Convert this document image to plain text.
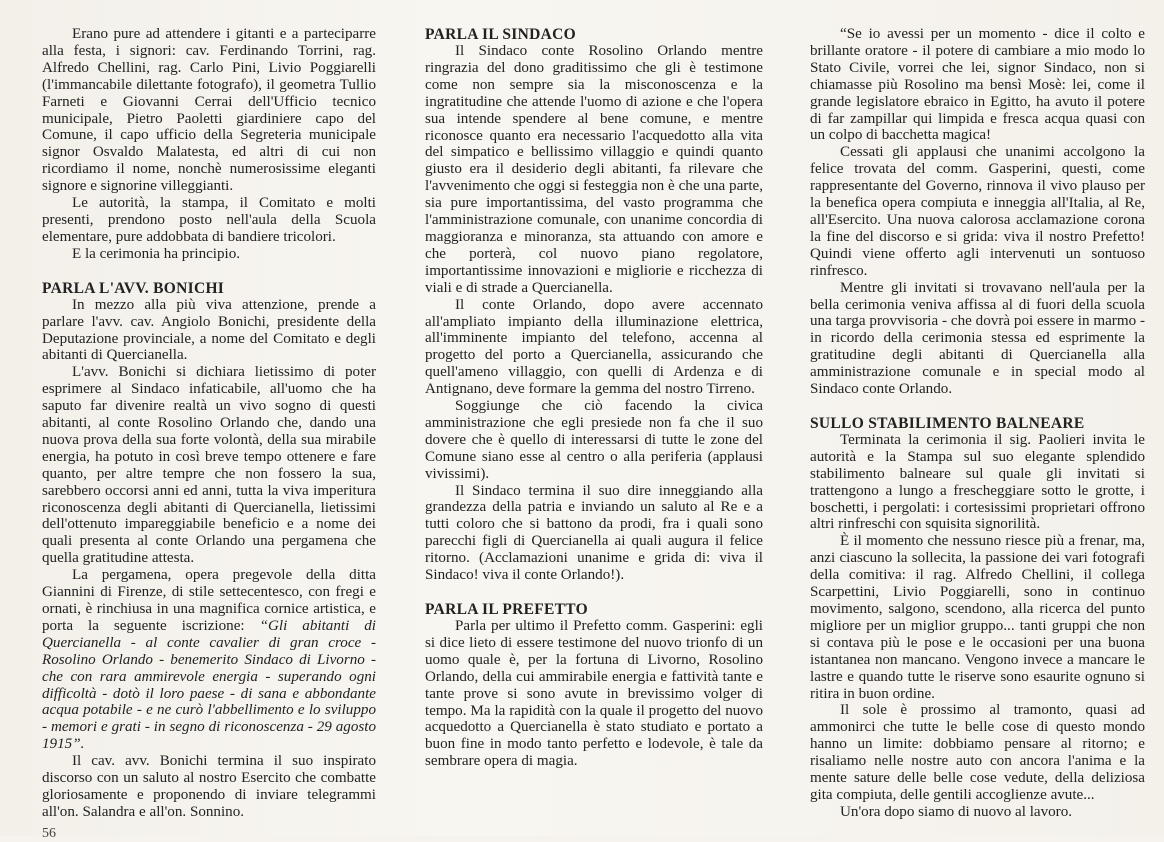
Erano pure ad attendere i gitanti e a parteciparre alla festa, i signori: cav. Ferdinando Torrini, rag. Alfredo Chellini, rag. Carlo Pini, Livio Poggiarelli (l'immancabile dilettante fotografo), il geometra Tullio Farneti e Giovanni Cerrai dell'Ufficio tecnico municipale, Pietro Paoletti giardiniere capo del Comune, il capo ufficio della Segreteria municipale signor Osvaldo Malatesta, ed altri di cui non ricordiamo il nome, nonchè numerosissime eleganti signore e signorine villeggianti.

Le autorità, la stampa, il Comitato e molti presenti, prendono posto nell'aula della Scuola elementare, pure addobbata di bandiere tricolori.

E la cerimonia ha principio.

PARLA L'AVV. BONICHI

In mezzo alla più viva attenzione, prende a parlare l'avv. cav. Angiolo Bonichi, presidente della Deputazione provinciale, a nome del Comitato e degli abitanti di Quercianella.

L'avv. Bonichi si dichiara lietissimo di poter esprimere al Sindaco infaticabile, all'uomo che ha saputo far divenire realtà un vivo sogno di questi abitanti, al conte Rosolino Orlando che, dando una nuova prova della sua forte volontà, della sua mirabile energia, ha potuto in così breve tempo ottenere e fare quanto, per altre tempre che non fossero la sua, sarebbero occorsi anni ed anni, tutta la viva imperitura riconoscenza degli abitanti di Quercianella, lietissimi dell'ottenuto impareggiabile beneficio e a nome dei quali presenta al conte Orlando una pergamena che quella gratitudine attesta.

La pergamena, opera pregevole della ditta Giannini di Firenze, di stile settecentesco, con fregi e ornati, è rinchiusa in una magnifica cornice artistica, e porta la seguente iscrizione: “Gli abitanti di Quercianella - al conte cavalier di gran croce - Rosolino Orlando - benemerito Sindaco di Livorno - che con rara ammirevole energia - superando ogni difficoltà - dotò il loro paese - di sana e abbondante acqua potabile - e ne curò l'abbellimento e lo sviluppo - memori e grati - in segno di riconoscenza - 29 agosto 1915”.

Il cav. avv. Bonichi termina il suo inspirato discorso con un saluto al nostro Esercito che combatte gloriosamente e proponendo di inviare telegrammi all'on. Salandra e all'on. Sonnino.

PARLA IL SINDACO

Il Sindaco conte Rosolino Orlando mentre ringrazia del dono graditissimo che gli è testimone come non sempre sia la misconoscenza e la ingratitudine che attende l'uomo di azione e che l'opera sua intende spendere al bene comune, e mentre riconosce quanto era necessario l'acquedotto alla vita del simpatico e bellissimo villaggio e quindi quanto giusto era il desiderio degli abitanti, fa rilevare che l'avvenimento che oggi si festeggia non è che una parte, sia pure importantissima, del vasto programma che l'amministrazione comunale, con unanime concordia di maggioranza e minoranza, sta attuando con amore e che porterà, col nuovo piano regolatore, importantissime innovazioni e migliorie e ricchezza di viali e di strade a Quercianella.

Il conte Orlando, dopo avere accennato all'ampliato impianto della illuminazione elettrica, all'imminente impianto del telefono, accenna al progetto del porto a Quercianella, assicurando che quell'ameno villaggio, con quelli di Ardenza e di Antignano, deve formare la gemma del nostro Tirreno.

Soggiunge che ciò facendo la civica amministrazione che egli presiede non fa che il suo dovere che è quello di interessarsi di tutte le zone del Comune siano esse al centro o alla periferia (applausi vivissimi).

Il Sindaco termina il suo dire inneggiando alla grandezza della patria e inviando un saluto al Re e a tutti coloro che si battono da prodi, fra i quali sono parecchi figli di Quercianella ai quali augura il felice ritorno. (Acclamazioni unanime e grida di: viva il Sindaco! viva il conte Orlando!).

PARLA IL PREFETTO

Parla per ultimo il Prefetto comm. Gasperini: egli si dice lieto di essere testimone del nuovo trionfo di un uomo quale è, per la fortuna di Livorno, Rosolino Orlando, della cui ammirabile energia e fattività tante e tante prove si sono avute in brevissimo volger di tempo. Ma la rapidità con la quale il progetto del nuovo acquedotto a Quercianella è stato studiato e portato a buon fine in modo tanto perfetto e lodevole, è tale da sembrare opera di magia.

“Se io avessi per un momento - dice il colto e brillante oratore - il potere di cambiare a mio modo lo Stato Civile, vorrei che lei, signor Sindaco, non si chiamasse più Rosolino ma bensì Mosè: lei, come il grande legislatore ebraico in Egitto, ha avuto il potere di far zampillar qui limpida e fresca acqua quasi con un colpo di bacchetta magica!

Cessati gli applausi che unanimi accolgono la felice trovata del comm. Gasperini, questi, come rappresentante del Governo, rinnova il vivo plauso per la benefica opera compiuta e inneggia all'Italia, al Re, all'Esercito. Una nuova calorosa acclamazione corona la fine del discorso e si grida: viva il nostro Prefetto! Quindi viene offerto agli intervenuti un sontuoso rinfresco.

Mentre gli invitati si trovavano nell'aula per la bella cerimonia veniva affissa al di fuori della scuola una targa provvisoria - che dovrà poi essere in marmo - in ricordo della cerimonia stessa ed esprimente la gratitudine degli abitanti di Quercianella alla amministrazione comunale e in special modo al Sindaco conte Orlando.

SULLO STABILIMENTO BALNEARE

Terminata la cerimonia il sig. Paolieri invita le autorità e la Stampa sul suo elegante splendido stabilimento balneare sul quale gli invitati si trattengono a lungo a frescheggiare sotto le grotte, i boschetti, i pergolati: i cortesissimi proprietari offrono altri rinfreschi con squisita signorilità.

È il momento che nessuno riesce più a frenar, ma, anzi ciascuno la sollecita, la passione dei vari fotografi della comitiva: il rag. Alfredo Chellini, il collega Scarpettini, Livio Poggiarelli, sono in continuo movimento, salgono, scendono, alla ricerca del punto migliore per un miglior gruppo... tanti gruppi che non si contava più le pose e le occasioni per una buona istantanea non mancano. Vengono invece a mancare le lastre e quando tutte le riserve sono esaurite ognuno si ritira in buon ordine.

Il sole è prossimo al tramonto, quasi ad ammonirci che tutte le belle cose di questo mondo hanno un limite: dobbiamo pensare al ritorno; e risaliamo nelle nostre auto con ancora l'anima e la mente sature delle belle cose vedute, della deliziosa gita compiuta, delle gentili accoglienze avute...

Un'ora dopo siamo di nuovo al lavoro.

56
